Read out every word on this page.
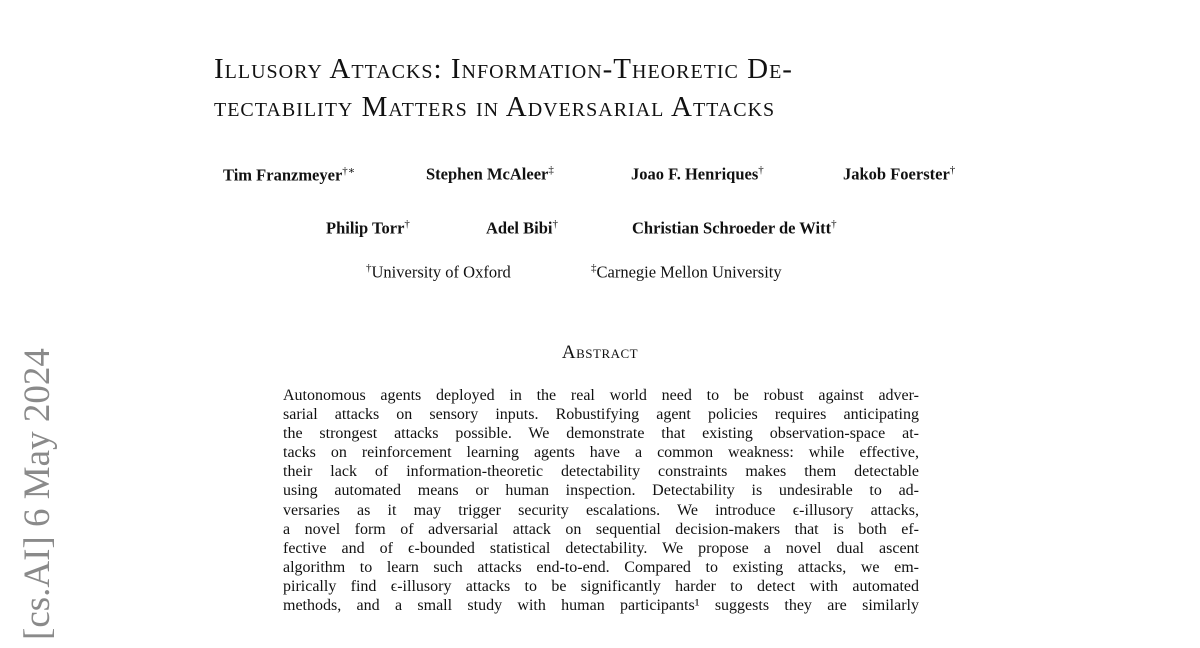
Illusory Attacks: Information-Theoretic De-
tectability Matters in Adversarial Attacks
Tim Franzmeyer†∗	Stephen McAleer‡	Joao F. Henriques†	Jakob Foerster†
Philip Torr†	Adel Bibi†	Christian Schroeder de Witt†
†University of Oxford	‡Carnegie Mellon University
Abstract
Autonomous agents deployed in the real world need to be robust against adver-
sarial attacks on sensory inputs. Robustifying agent policies requires anticipating
the strongest attacks possible. We demonstrate that existing observation-space at-
tacks on reinforcement learning agents have a common weakness: while effective,
their lack of information-theoretic detectability constraints makes them detectable
using automated means or human inspection. Detectability is undesirable to ad-
versaries as it may trigger security escalations. We introduce ϵ-illusory attacks,
a novel form of adversarial attack on sequential decision-makers that is both ef-
fective and of ϵ-bounded statistical detectability. We propose a novel dual ascent
algorithm to learn such attacks end-to-end. Compared to existing attacks, we em-
pirically find ϵ-illusory attacks to be significantly harder to detect with automated
methods, and a small study with human participants¹ suggests they are similarly
[cs.AI] 6 May 2024
